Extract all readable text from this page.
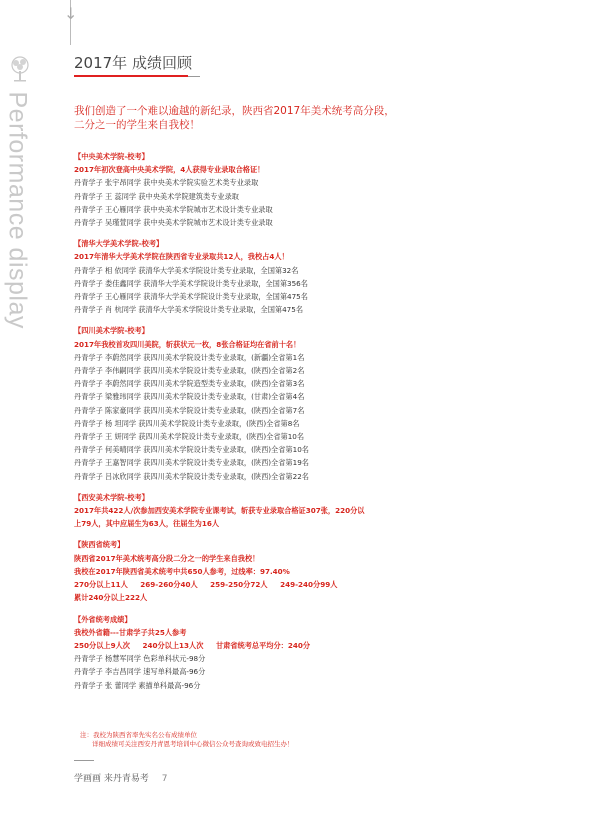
↓
Performance display
2017年 成绩回顾
我们创造了一个难以逾越的新纪录，陕西省2017年美术统考高分段，二分之一的学生来自我校！
【中央美术学院-校考】
2017年初次登高中央美术学院，4人获得专业录取合格证！
丹青学子 张宇昂同学 获中央美术学院实验艺术类专业录取
丹青学子 王 蕊同学 获中央美术学院建筑类专业录取
丹青学子 王心雁同学 获中央美术学院城市艺术设计类专业录取
丹青学子 吴瑾萱同学 获中央美术学院城市艺术设计类专业录取
【清华大学美术学院-校考】
2017年清华大学美术学院在陕西省专业录取共12人，我校占4人！
丹青学子 相 依同学 获清华大学美术学院设计类专业录取，全国第32名
丹青学子 娄佳鑫同学 获清华大学美术学院设计类专业录取，全国第356名
丹青学子 王心雁同学 获清华大学美术学院设计类专业录取，全国第475名
丹青学子 肖 杭同学 获清华大学美术学院设计类专业录取，全国第475名
【四川美术学院-校考】
2017年我校首攻四川美院，斩获状元一枚，8张合格证均在省前十名！
丹青学子 李蔚然同学 获四川美术学院设计类专业录取，(新疆)全省第1名
丹青学子 李伟嗣同学 获四川美术学院设计类专业录取，(陕西)全省第2名
丹青学子 李蔚然同学 获四川美术学院造型类专业录取，(陕西)全省第3名
丹青学子 梁雅玮同学 获四川美术学院设计类专业录取，(甘肃)全省第4名
丹青学子 陈家豪同学 获四川美术学院设计类专业录取，(陕西)全省第7名
丹青学子 杨 坦同学 获四川美术学院设计类专业录取，(陕西)全省第8名
丹青学子 王 妍同学 获四川美术学院设计类专业录取，(陕西)全省第10名
丹青学子 何美晴同学 获四川美术学院设计类专业录取，(陕西)全省第10名
丹青学子 王嘉智同学 获四川美术学院设计类专业录取，(陕西)全省第19名
丹青学子 吕冰欣同学 获四川美术学院设计类专业录取，(陕西)全省第22名
【西安美术学院-校考】
2017年共422人/次参加西安美术学院专业课考试，斩获专业录取合格证307张，220分以
上79人，其中应届生为63人，往届生为16人
【陕西省统考】
陕西省2017年美术统考高分段二分之一的学生来自我校！
我校在2017年陕西省美术统考中共650人参考，过线率：97.40%
270分以上11人 269-260分40人 259-250分72人 249-240分99人
累计240分以上222人
【外省统考成绩】
我校外省籍---甘肃学子共25人参考
250分以上9人次 240分以上13人次 甘肃省统考总平均分：240分
丹青学子 杨慧军同学 色彩单科状元-98分
丹青学子 李吉昌同学 速写单科最高-96分
丹青学子 张 蕾同学 素描单科最高-96分
注：我校为陕西省率先实名公布成绩单位
详细成绩可关注西安丹青恩考培训中心微信公众号查询或致电招生办！
学画画 来丹青易考 7
